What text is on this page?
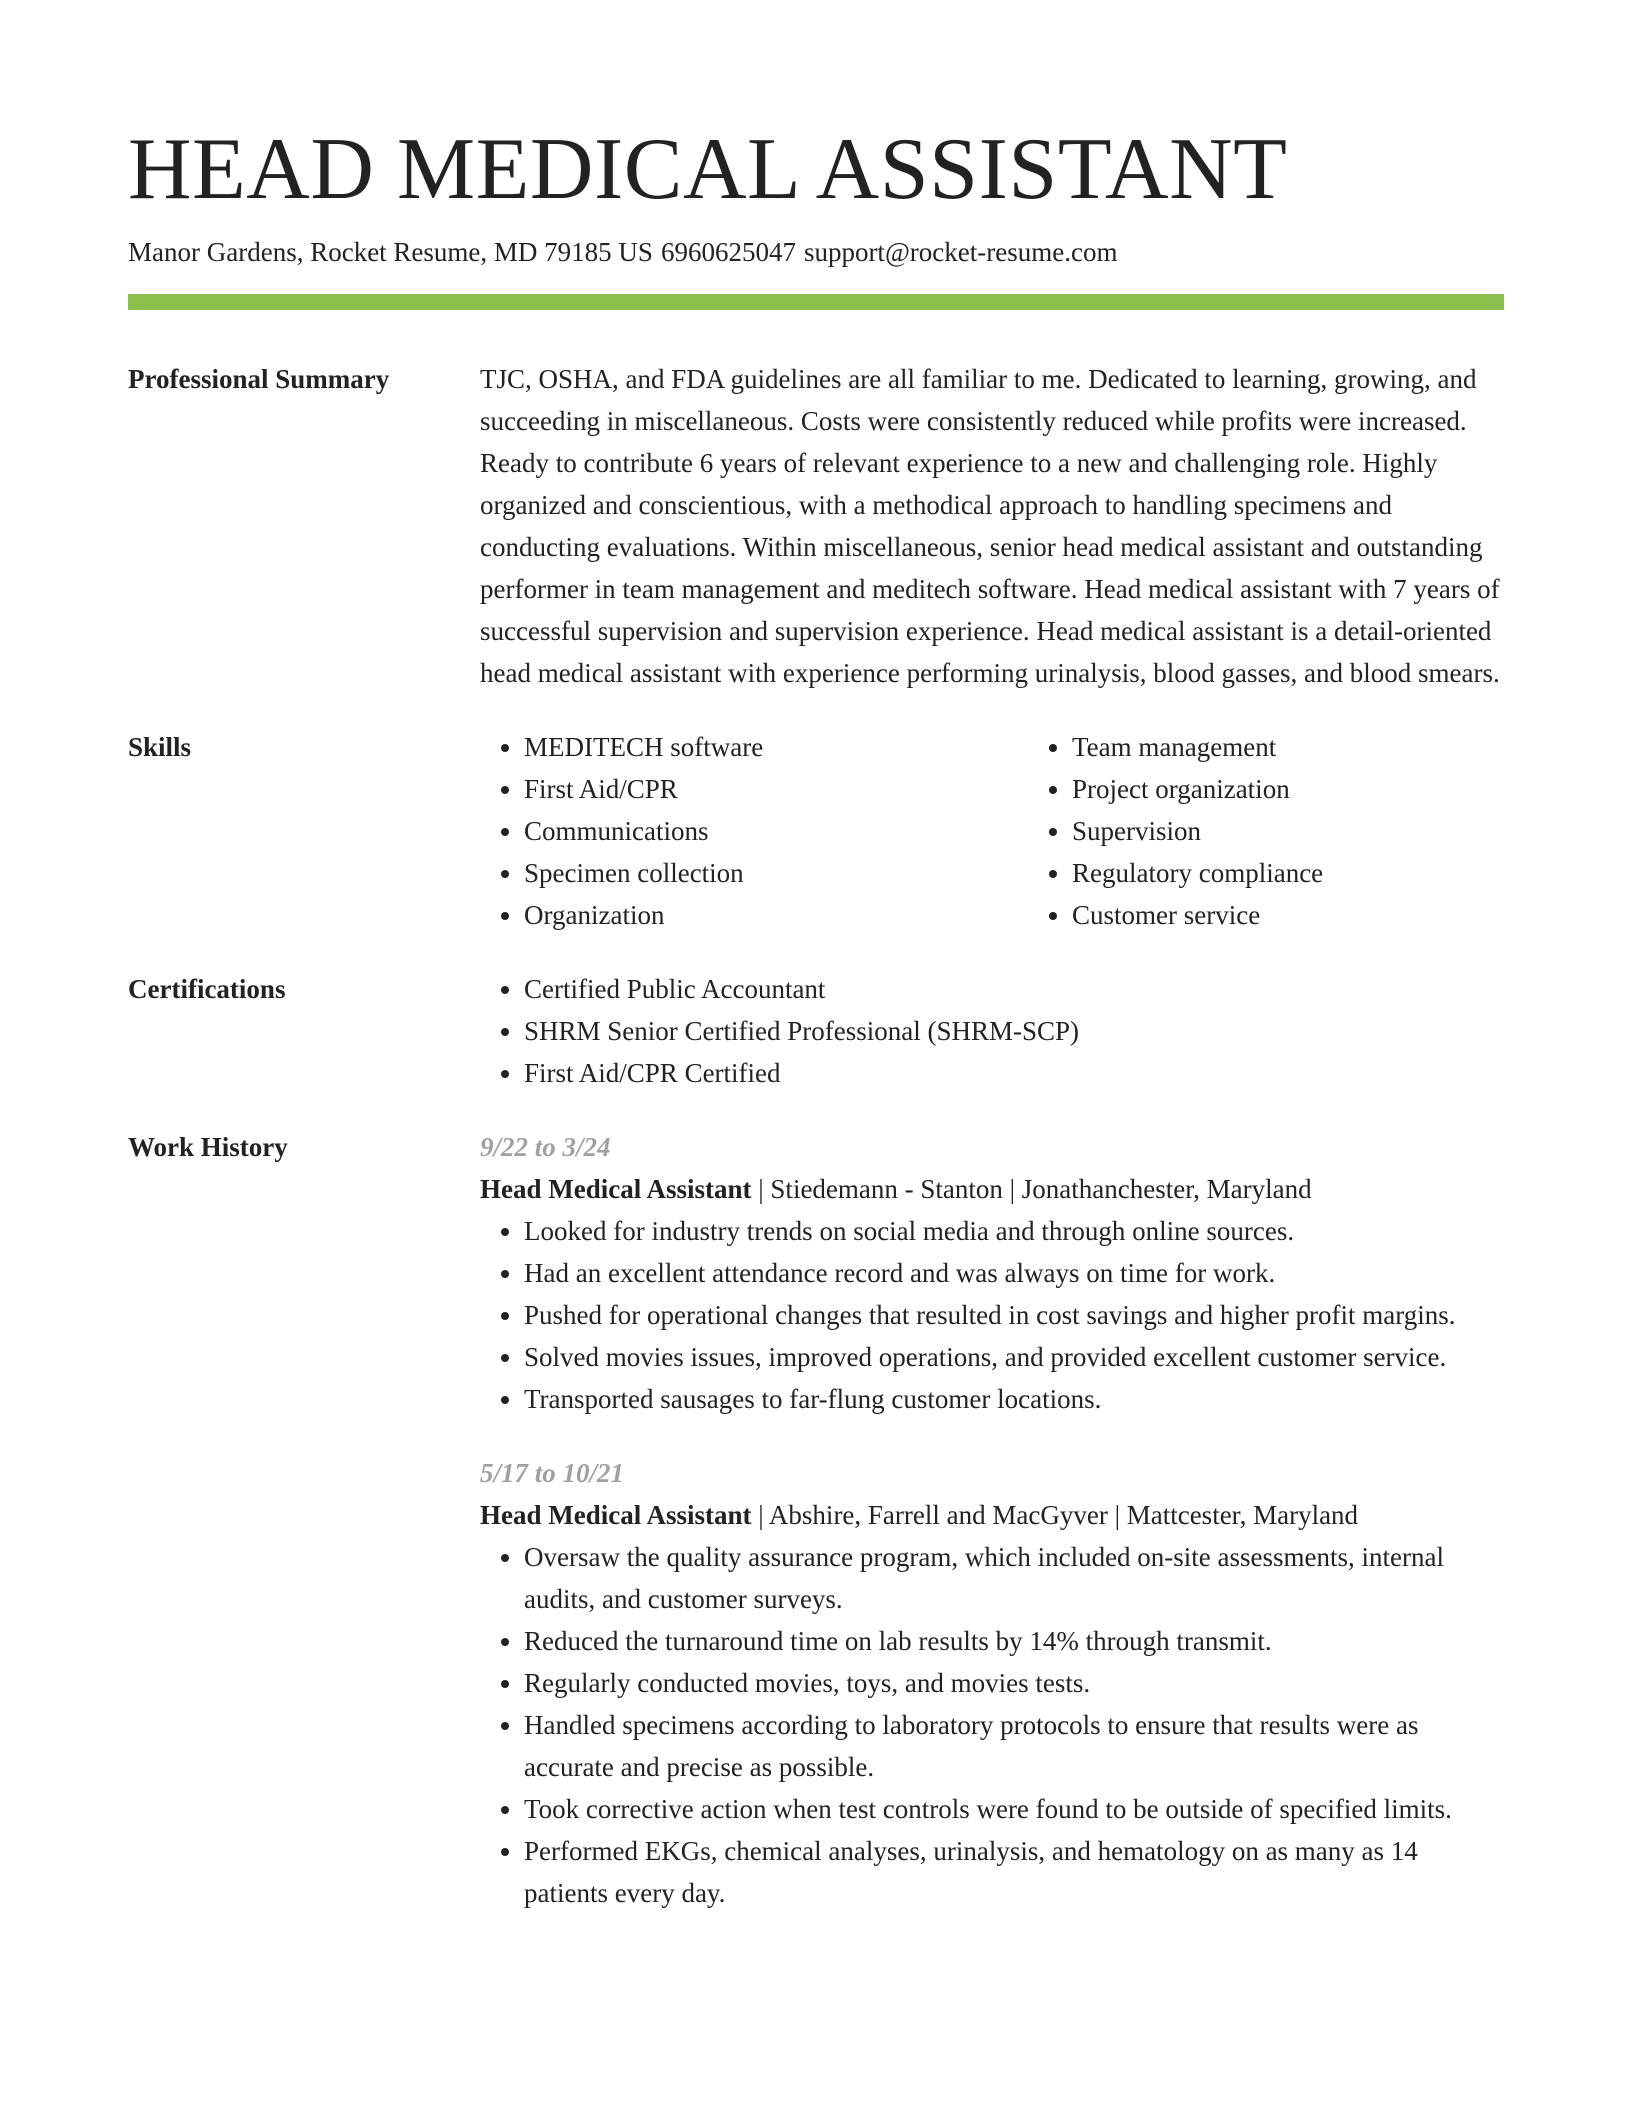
HEAD MEDICAL ASSISTANT

Manor Gardens, Rocket Resume, MD 79185 US 6960625047 support@rocket-resume.com

Professional Summary	TJC, OSHA, and FDA guidelines are all familiar to me. Dedicated to learning, growing, and succeeding in miscellaneous. Costs were consistently reduced while profits were increased. Ready to contribute 6 years of relevant experience to a new and challenging role. Highly organized and conscientious, with a methodical approach to handling specimens and conducting evaluations. Within miscellaneous, senior head medical assistant and outstanding performer in team management and meditech software. Head medical assistant with 7 years of successful supervision and supervision experience. Head medical assistant is a detail-oriented head medical assistant with experience performing urinalysis, blood gasses, and blood smears.

Skills	• MEDITECH software
• First Aid/CPR
• Communications
• Specimen collection
• Organization
• Team management
• Project organization
• Supervision
• Regulatory compliance
• Customer service
Certifications	• Certified Public Accountant
• SHRM Senior Certified Professional (SHRM-SCP)
• First Aid/CPR Certified
Work History	9/22 to 3/24

Head Medical Assistant | Stiedemann - Stanton | Jonathanchester, Maryland

• Looked for industry trends on social media and through online sources.
• Had an excellent attendance record and was always on time for work.
• Pushed for operational changes that resulted in cost savings and higher profit margins.
• Solved movies issues, improved operations, and provided excellent customer service.
• Transported sausages to far-flung customer locations.

5/17 to 10/21

Head Medical Assistant | Abshire, Farrell and MacGyver | Mattcester, Maryland

• Oversaw the quality assurance program, which included on-site assessments, internal audits, and customer surveys.
• Reduced the turnaround time on lab results by 14% through transmit.
• Regularly conducted movies, toys, and movies tests.
• Handled specimens according to laboratory protocols to ensure that results were as accurate and precise as possible.
• Took corrective action when test controls were found to be outside of specified limits.
• Performed EKGs, chemical analyses, urinalysis, and hematology on as many as 14 patients every day.
